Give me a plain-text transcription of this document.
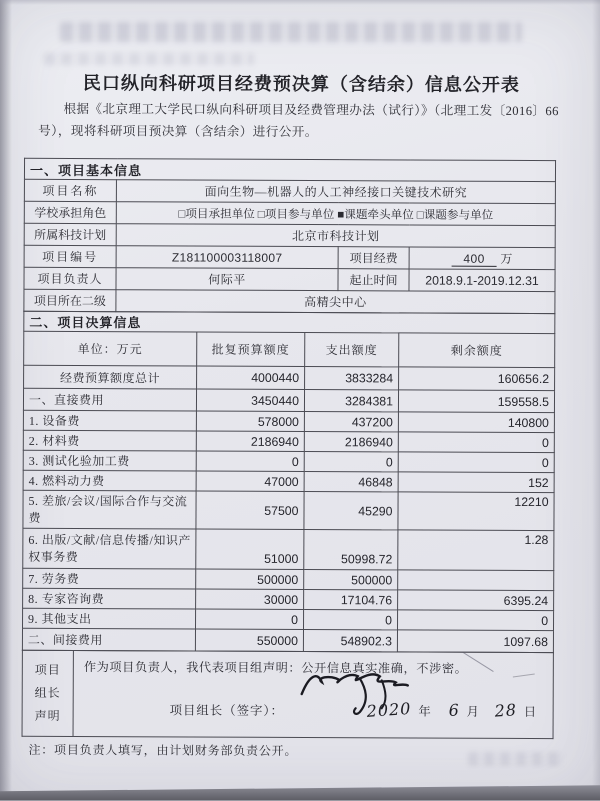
民口纵向科研项目经费预决算（含结余）信息公开表
根据《北京理工大学民口纵向科研项目及经费管理办法（试行）》（北理工发〔2016〕66号），现将科研项目预决算（含结余）进行公开。
一、项目基本信息			
项目名称	面向生物—机器人的人工神经接口关键技术研究		
学校承担角色	□项目承担单位 □项目参与单位 ■课题牵头单位 □课题参与单位		
所属科技计划	北京市科技计划		
项目编号	Z181100003118007	项目经费	400 万
项目负责人	何际平	起止时间	2018.9.1-2019.12.31
项目所在二级	高精尖中心		
二、项目决算信息			
单位：万元	批复预算额度	支出额度	剩余额度
经费预算额度总计	4000440	3833284	160656.2
一、直接费用	3450440	3284381	159558.5
1. 设备费	578000	437200	140800
2. 材料费	2186940	2186940	0
3. 测试化验加工费	0	0	0
4. 燃料动力费	47000	46848	152
5. 差旅/会议/国际合作与交流费	57500	45290	12210
6. 出版/文献/信息传播/知识产权事务费	51000	50998.72	1.28
7. 劳务费	500000	500000	
8. 专家咨询费	30000	17104.76	6395.24
9. 其他支出	0	0	0
二、间接费用	550000	548902.3	1097.68
项目
组长
声明

作为项目负责人，我代表项目组声明：公开信息真实准确，不涉密。
项目组长（签字）：	2020 年 6 月 28 日
注：项目负责人填写，由计划财务部负责公开。
